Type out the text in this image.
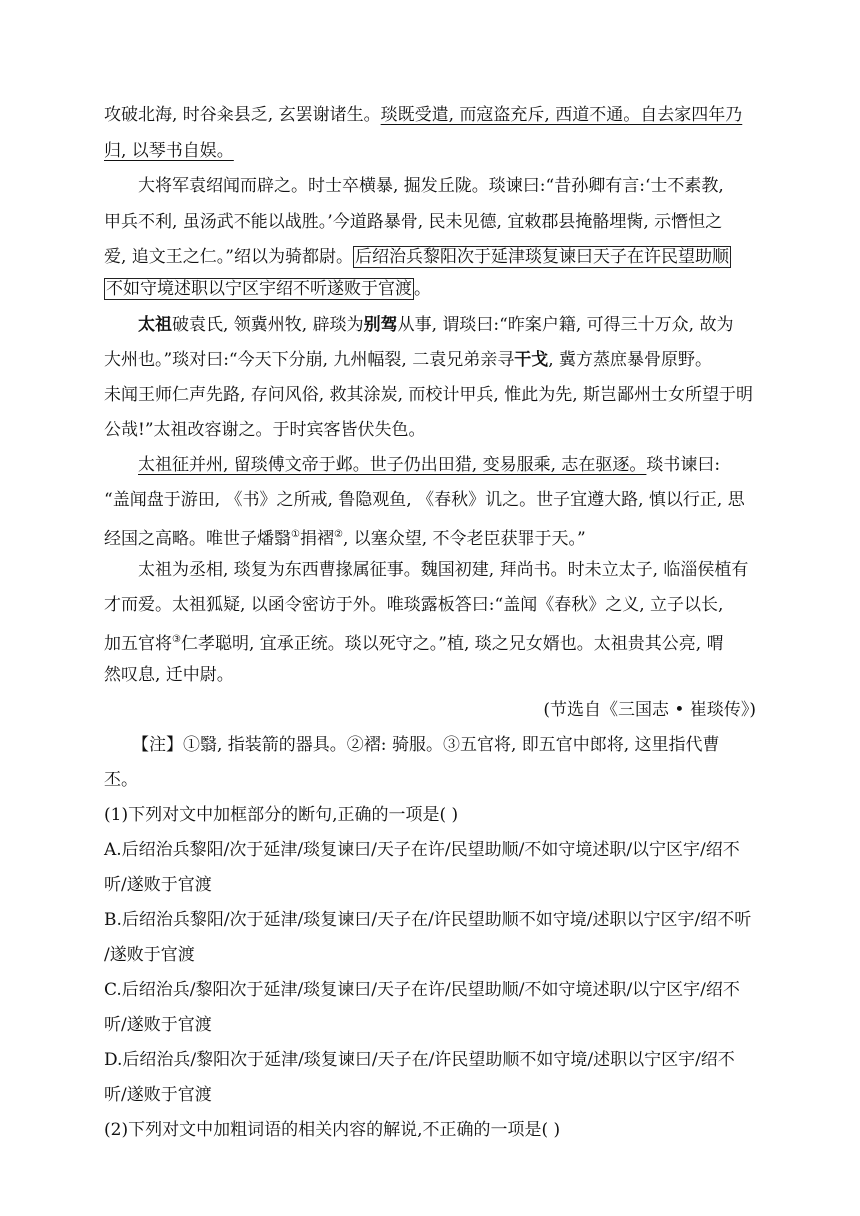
攻破北海, 时谷籴县乏, 玄罢谢诸生。琰既受遣, 而寇盗充斥, 西道不通。自去家四年乃
归, 以琴书自娱。
大将军袁绍闻而辟之。时士卒横暴, 掘发丘陇。琰谏曰:“昔孙卿有言:‘士不素教,
甲兵不利, 虽汤武不能以战胜。’今道路暴骨, 民未见德, 宜敕郡县掩骼埋胔, 示憯怛之
爱, 追文王之仁。”绍以为骑都尉。 后绍治兵黎阳次于延津琰复谏曰天子在许民望助顺
不如守境述职以宁区宇绍不听遂败于官渡 。
太祖破袁氏, 领冀州牧, 辟琰为别驾从事, 谓琰曰:“昨案户籍, 可得三十万众, 故为
大州也。”琰对曰:“今天下分崩, 九州幅裂, 二袁兄弟亲寻干戈, 冀方蒸庶暴骨原野。
未闻王师仁声先路, 存问风俗, 救其涂炭, 而校计甲兵, 惟此为先, 斯岂鄙州士女所望于明
公哉!”太祖改容谢之。于时宾客皆伏失色。
太祖征并州, 留琰傅文帝于邺。世子仍出田猎, 变易服乘, 志在驱逐。琰书谏曰:
“盖闻盘于游田, 《书》之所戒, 鲁隐观鱼, 《春秋》讥之。世子宜遵大路, 慎以行正, 思
经国之高略。唯世子燔翳①捐褶②, 以塞众望, 不令老臣获罪于天。”
太祖为丞相, 琰复为东西曹掾属征事。魏国初建, 拜尚书。时未立太子, 临淄侯植有
才而爱。太祖狐疑, 以函令密访于外。唯琰露板答曰:“盖闻《春秋》之义, 立子以长,
加五官将③仁孝聪明, 宜承正统。琰以死守之。”植, 琰之兄女婿也。太祖贵其公亮, 喟
然叹息, 迁中尉。
(节选自《三国志 • 崔琰传》)
【注】①翳, 指装箭的器具。②褶: 骑服。③五官将, 即五官中郎将, 这里指代曹
丕。
(1)下列对文中加框部分的断句,正确的一项是( )
A.后绍治兵黎阳/次于延津/琰复谏曰/天子在许/民望助顺/不如守境述职/以宁区宇/绍不
听/遂败于官渡
B.后绍治兵黎阳/次于延津/琰复谏曰/天子在/许民望助顺不如守境/述职以宁区宇/绍不听
/遂败于官渡
C.后绍治兵/黎阳次于延津/琰复谏曰/天子在许/民望助顺/不如守境述职/以宁区宇/绍不
听/遂败于官渡
D.后绍治兵/黎阳次于延津/琰复谏曰/天子在/许民望助顺不如守境/述职以宁区宇/绍不
听/遂败于官渡
(2)下列对文中加粗词语的相关内容的解说,不正确的一项是( )
